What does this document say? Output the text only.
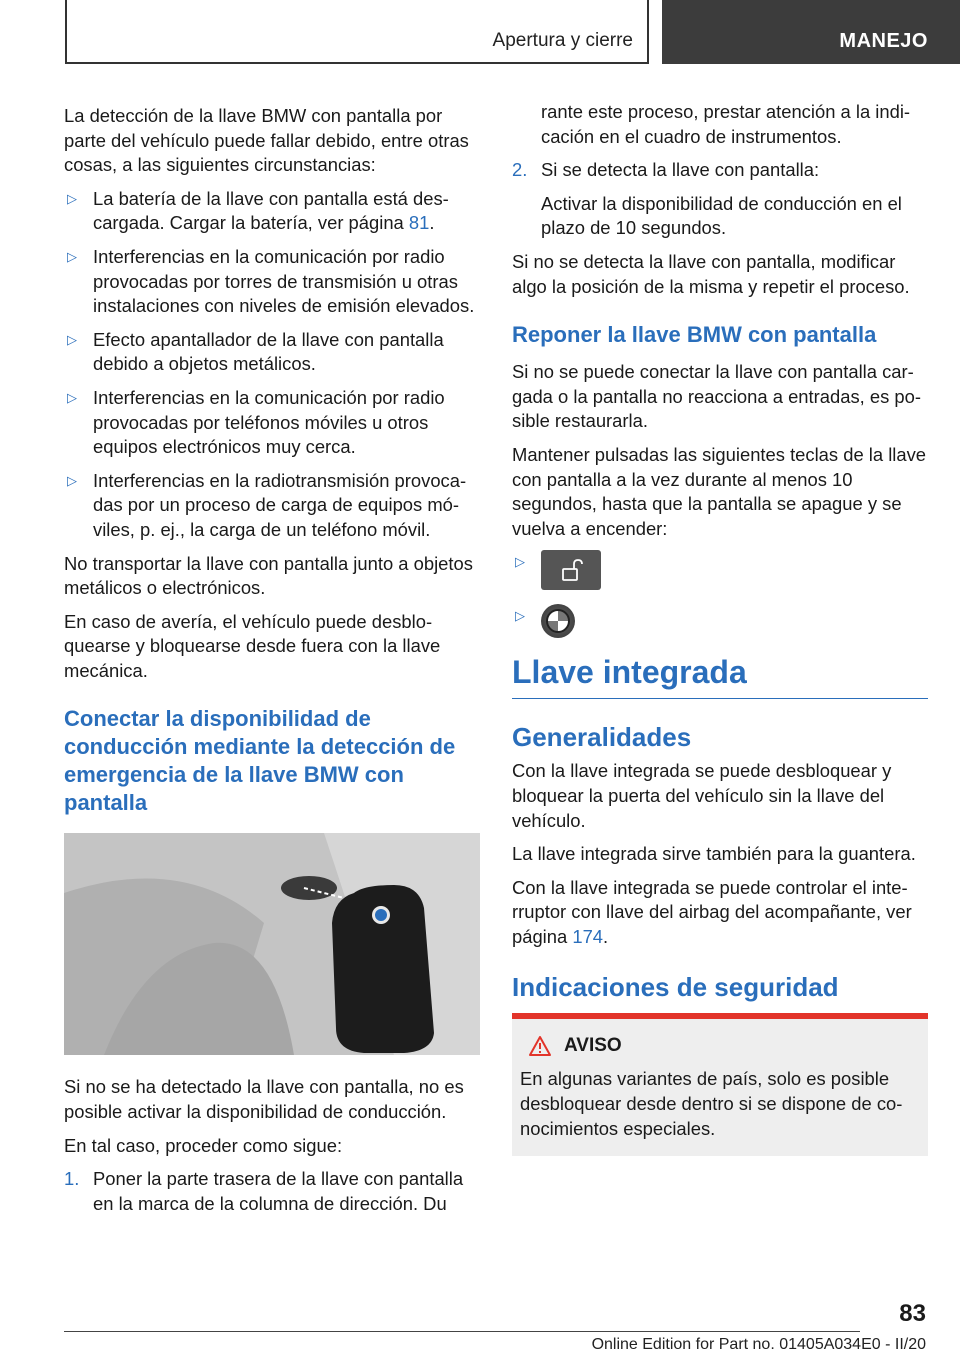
Apertura y cierre	MANEJO

La detección de la llave BMW con pantalla por parte del vehículo puede fallar debido, entre otras cosas, a las siguientes circunstancias:

▷ La batería de la llave con pantalla está descargada. Cargar la batería, ver página 81.
▷ Interferencias en la comunicación por radio provocadas por torres de transmisión u otras instalaciones con niveles de emisión elevados.
▷ Efecto apantallador de la llave con pantalla debido a objetos metálicos.
▷ Interferencias en la comunicación por radio provocadas por teléfonos móviles u otros equipos electrónicos muy cerca.
▷ Interferencias en la radiotransmisión provocadas por un proceso de carga de equipos móviles, p. ej., la carga de un teléfono móvil.

No transportar la llave con pantalla junto a objetos metálicos o electrónicos.

En caso de avería, el vehículo puede desbloquearse y bloquearse desde fuera con la llave mecánica.

Conectar la disponibilidad de conducción mediante la detección de emergencia de la llave BMW con pantalla

Si no se ha detectado la llave con pantalla, no es posible activar la disponibilidad de conducción.

En tal caso, proceder como sigue:

1. Poner la parte trasera de la llave con pantalla en la marca de la columna de dirección. Du
rante este proceso, prestar atención a la indicación en el cuadro de instrumentos.
2. Si se detecta la llave con pantalla:
Activar la disponibilidad de conducción en el plazo de 10 segundos.

Si no se detecta la llave con pantalla, modificar algo la posición de la misma y repetir el proceso.

Reponer la llave BMW con pantalla

Si no se puede conectar la llave con pantalla cargada o la pantalla no reacciona a entradas, es posible restaurarla.

Mantener pulsadas las siguientes teclas de la llave con pantalla a la vez durante al menos 10 segundos, hasta que la pantalla se apague y se vuelva a encender:

▷
▷
Llave integrada
Generalidades

Con la llave integrada se puede desbloquear y bloquear la puerta del vehículo sin la llave del vehículo.

La llave integrada sirve también para la guantera.

Con la llave integrada se puede controlar el interruptor con llave del airbag del acompañante, ver página 174.

Indicaciones de seguridad
AVISO

En algunas variantes de país, solo es posible desbloquear desde dentro si se dispone de conocimientos especiales.

83
Online Edition for Part no. 01405A034E0 - II/20
